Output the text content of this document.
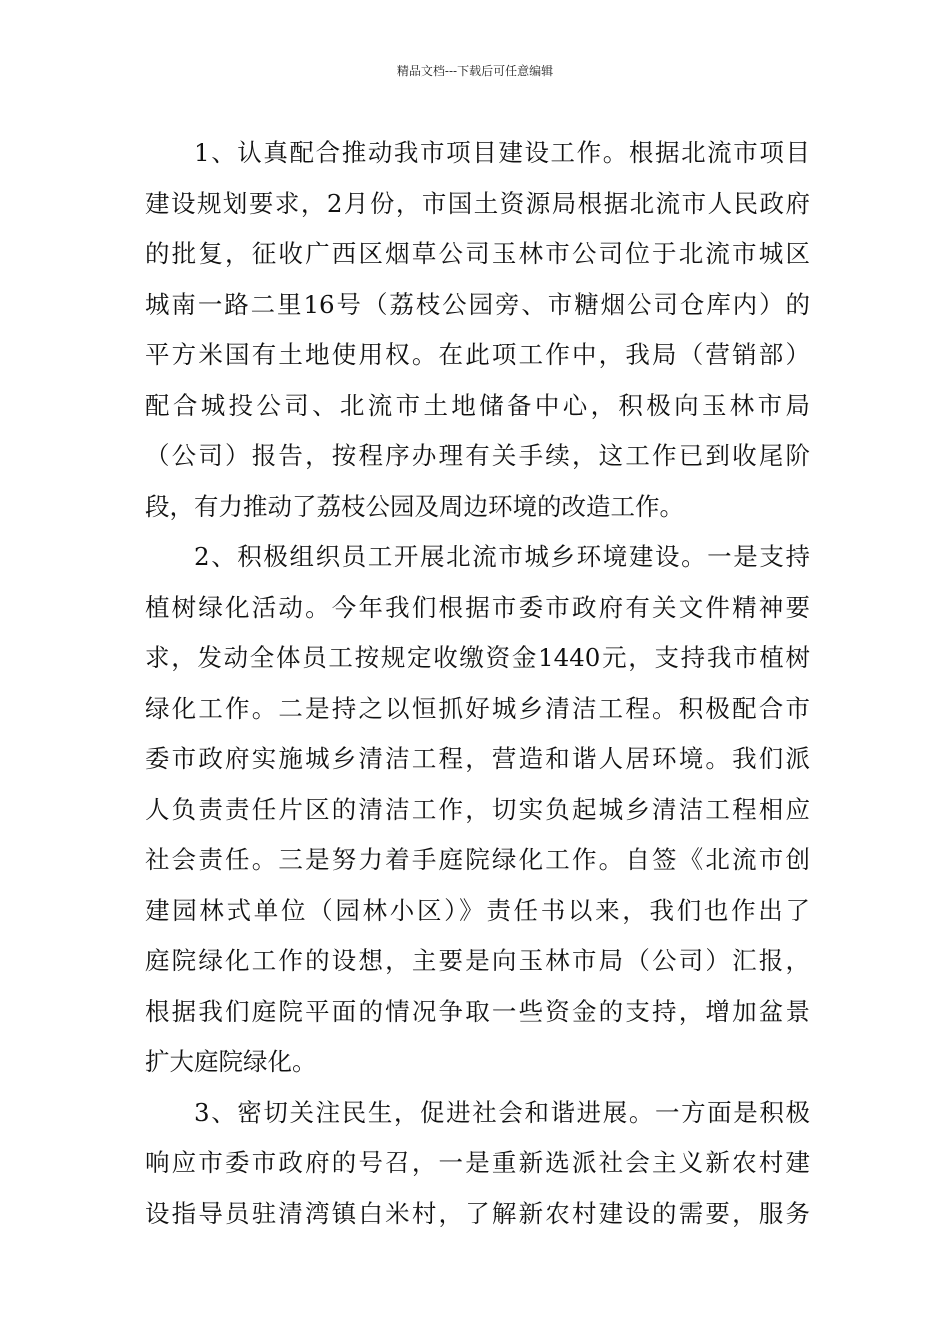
精品文档---下载后可任意编辑
1、认真配合推动我市项目建设工作。根据北流市项目
建设规划要求，2月份，市国土资源局根据北流市人民政府
的批复，征收广西区烟草公司玉林市公司位于北流市城区
城南一路二里16号（荔枝公园旁、市糖烟公司仓库内）的
平方米国有土地使用权。在此项工作中，我局（营销部）
配合城投公司、北流市土地储备中心，积极向玉林市局
（公司）报告，按程序办理有关手续，这工作已到收尾阶
段，有力推动了荔枝公园及周边环境的改造工作。
2、积极组织员工开展北流市城乡环境建设。一是支持
植树绿化活动。今年我们根据市委市政府有关文件精神要
求，发动全体员工按规定收缴资金1440元，支持我市植树
绿化工作。二是持之以恒抓好城乡清洁工程。积极配合市
委市政府实施城乡清洁工程，营造和谐人居环境。我们派
人负责责任片区的清洁工作，切实负起城乡清洁工程相应
社会责任。三是努力着手庭院绿化工作。自签《北流市创
建园林式单位（园林小区）》责任书以来，我们也作出了
庭院绿化工作的设想，主要是向玉林市局（公司）汇报，
根据我们庭院平面的情况争取一些资金的支持，增加盆景
扩大庭院绿化。
3、密切关注民生，促进社会和谐进展。一方面是积极
响应市委市政府的号召，一是重新选派社会主义新农村建
设指导员驻清湾镇白米村，了解新农村建设的需要，服务
